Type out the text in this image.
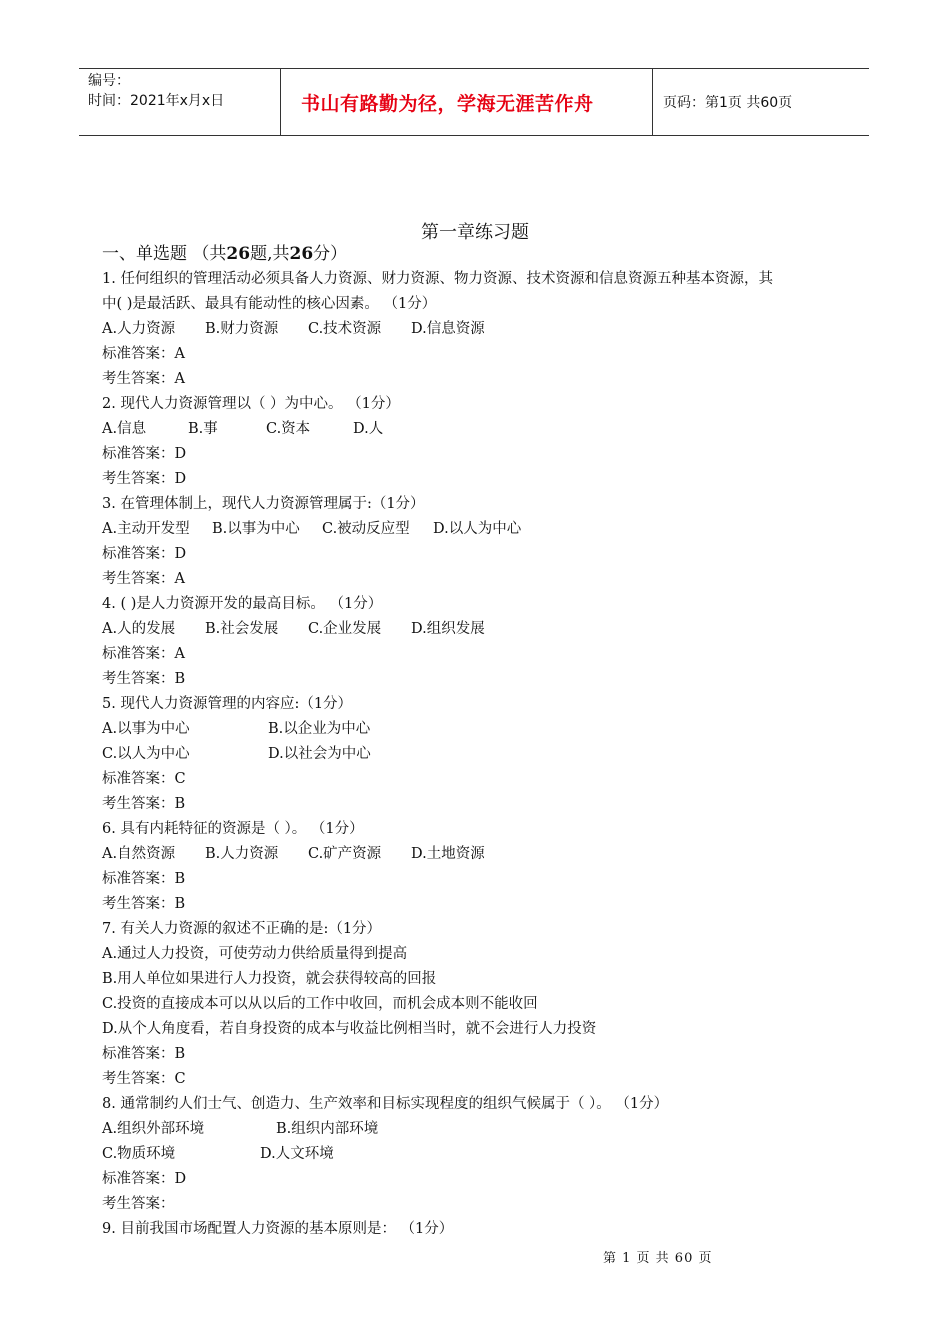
编号：
时间：2021年x月x日	书山有路勤为径，学海无涯苦作舟	页码：第1页 共60页
第一章练习题
一、单选题 （共26题,共26分）
1. 任何组织的管理活动必须具备人力资源、财力资源、物力资源、技术资源和信息资源五种基本资源，其
中( )是最活跃、最具有能动性的核心因素。 （1分）
A.人力资源	B.财力资源	C.技术资源	D.信息资源
标准答案：A
考生答案：A
2. 现代人力资源管理以（ ）为中心。 （1分）
A.信息	B.事	C.资本	D.人
标准答案：D
考生答案：D
3. 在管理体制上，现代人力资源管理属于:（1分）
A.主动开发型	B.以事为中心	C.被动反应型	D.以人为中心
标准答案：D
考生答案：A
4. ( )是人力资源开发的最高目标。 （1分）
A.人的发展	B.社会发展	C.企业发展	D.组织发展
标准答案：A
考生答案：B
5. 现代人力资源管理的内容应:（1分）
A.以事为中心	B.以企业为中心
C.以人为中心	D.以社会为中心
标准答案：C
考生答案：B
6. 具有内耗特征的资源是（ ）。 （1分）
A.自然资源	B.人力资源	C.矿产资源	D.土地资源
标准答案：B
考生答案：B
7. 有关人力资源的叙述不正确的是:（1分）
A.通过人力投资，可使劳动力供给质量得到提高
B.用人单位如果进行人力投资，就会获得较高的回报
C.投资的直接成本可以从以后的工作中收回，而机会成本则不能收回
D.从个人角度看，若自身投资的成本与收益比例相当时，就不会进行人力投资
标准答案：B
考生答案：C
8. 通常制约人们士气、创造力、生产效率和目标实现程度的组织气候属于（ ）。 （1分）
A.组织外部环境	B.组织内部环境
C.物质环境	D.人文环境
标准答案：D
考生答案：
9. 目前我国市场配置人力资源的基本原则是： （1分）
第 1 页 共 60 页
